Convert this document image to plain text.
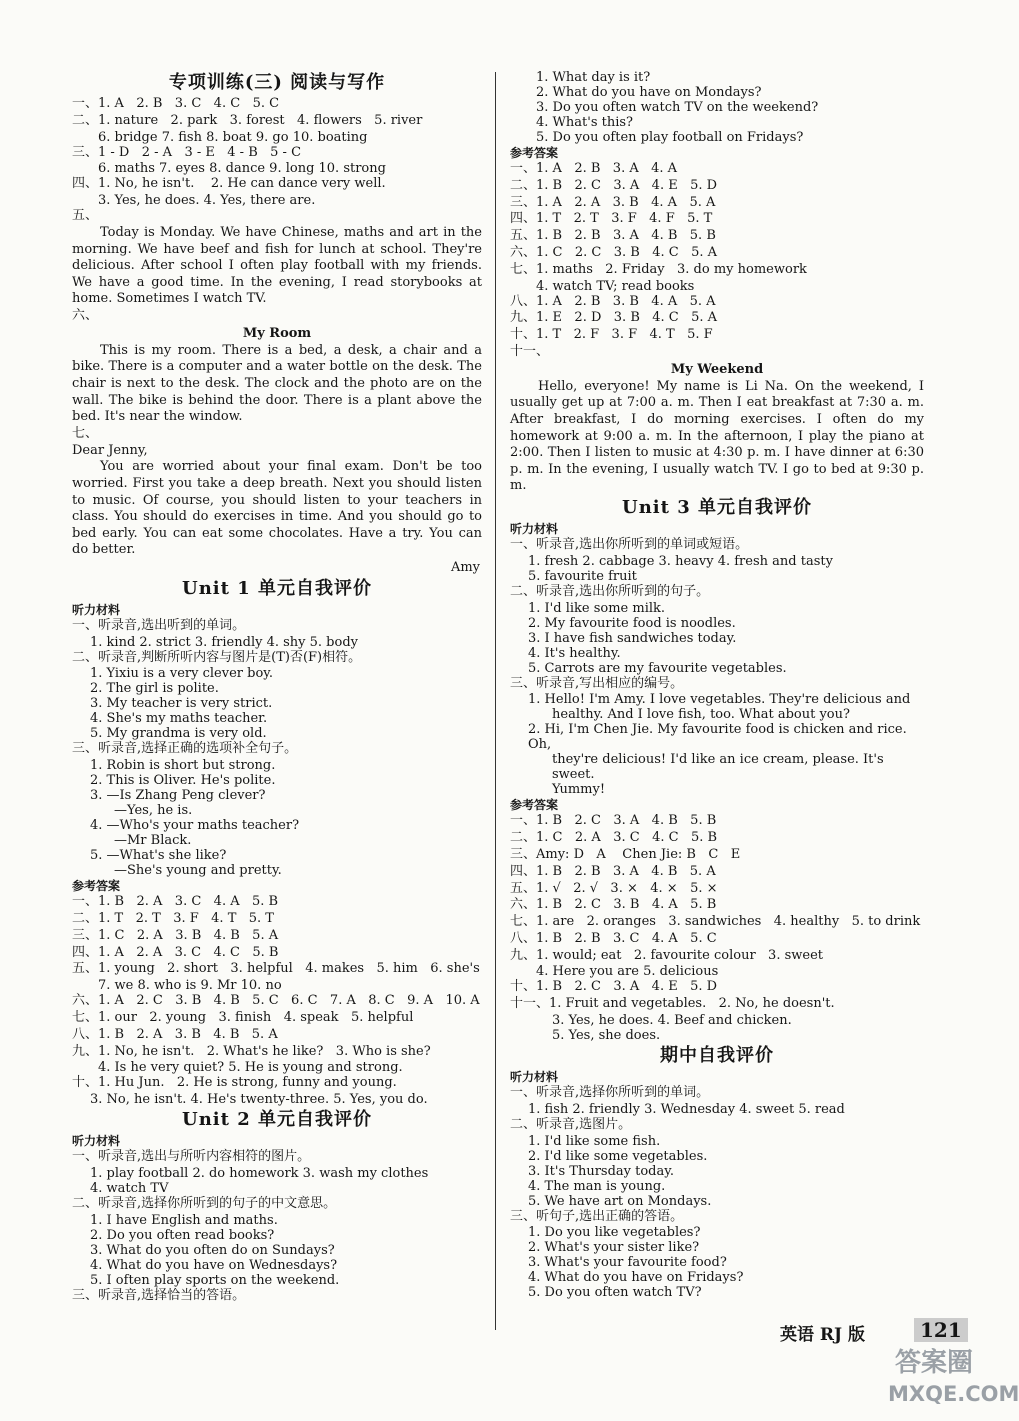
专项训练(三) 阅读与写作
一、1. A   2. B   3. C   4. C   5. C
二、1. nature   2. park   3. forest   4. flowers   5. river
6. bridge 7. fish 8. boat 9. go 10. boating
三、1 - D   2 - A   3 - E   4 - B   5 - C
6. maths 7. eyes 8. dance 9. long 10. strong
四、1. No, he isn't.    2. He can dance very well.
3. Yes, he does. 4. Yes, there are.
五、
Today is Monday. We have Chinese, maths and art in the morning. We have beef and fish for lunch at school. They're delicious. After school I often play football with my friends. We have a good time. In the evening, I read storybooks at home. Sometimes I watch TV.
六、
My Room
This is my room. There is a bed, a desk, a chair and a bike. There is a computer and a water bottle on the desk. The chair is next to the desk. The clock and the photo are on the wall. The bike is behind the door. There is a plant above the bed. It's near the window.
七、
Dear Jenny,
You are worried about your final exam. Don't be too worried. First you take a deep breath. Next you should listen to music. Of course, you should listen to your teachers in class. You should do exercises in time. And you should go to bed early. You can eat some chocolates. Have a try. You can do better.
Amy
Unit 1 单元自我评价
听力材料
一、听录音,选出听到的单词。
1. kind 2. strict 3. friendly 4. shy 5. body
二、听录音,判断所听内容与图片是(T)否(F)相符。
1. Yixiu is a very clever boy.
2. The girl is polite.
3. My teacher is very strict.
4. She's my maths teacher.
5. My grandma is very old.
三、听录音,选择正确的选项补全句子。
1. Robin is short but strong.
2. This is Oliver. He's polite.
3. —Is Zhang Peng clever?
—Yes, he is.
4. —Who's your maths teacher?
—Mr Black.
5. —What's she like?
—She's young and pretty.
参考答案
一、1. B   2. A   3. C   4. A   5. B
二、1. T   2. T   3. F   4. T   5. T
三、1. C   2. A   3. B   4. B   5. A
四、1. A   2. A   3. C   4. C   5. B
五、1. young   2. short   3. helpful   4. makes   5. him   6. she's
7. we 8. who is 9. Mr 10. no
六、1. A   2. C   3. B   4. B   5. C   6. C   7. A   8. C   9. A   10. A
七、1. our   2. young   3. finish   4. speak   5. helpful
八、1. B   2. A   3. B   4. B   5. A
九、1. No, he isn't.   2. What's he like?   3. Who is she?
4. Is he very quiet? 5. He is young and strong.
十、1. Hu Jun.   2. He is strong, funny and young.
3. No, he isn't. 4. He's twenty-three. 5. Yes, you do.
Unit 2 单元自我评价
听力材料
一、听录音,选出与所听内容相符的图片。
1. play football 2. do homework 3. wash my clothes
4. watch TV
二、听录音,选择你所听到的句子的中文意思。
1. I have English and maths.
2. Do you often read books?
3. What do you often do on Sundays?
4. What do you have on Wednesdays?
5. I often play sports on the weekend.
三、听录音,选择恰当的答语。
1. What day is it?
2. What do you have on Mondays?
3. Do you often watch TV on the weekend?
4. What's this?
5. Do you often play football on Fridays?
参考答案
一、1. A   2. B   3. A   4. A
二、1. B   2. C   3. A   4. E   5. D
三、1. A   2. A   3. B   4. A   5. A
四、1. T   2. T   3. F   4. F   5. T
五、1. B   2. B   3. A   4. B   5. B
六、1. C   2. C   3. B   4. C   5. A
七、1. maths   2. Friday   3. do my homework
4. watch TV; read books
八、1. A   2. B   3. B   4. A   5. A
九、1. E   2. D   3. B   4. C   5. A
十、1. T   2. F   3. F   4. T   5. F
十一、
My Weekend
Hello, everyone! My name is Li Na. On the weekend, I usually get up at 7:00 a. m. Then I eat breakfast at 7:30 a. m. After breakfast, I do morning exercises. I often do my homework at 9:00 a. m. In the afternoon, I play the piano at 2:00. Then I listen to music at 4:30 p. m. I have dinner at 6:30 p. m. In the evening, I usually watch TV. I go to bed at 9:30 p. m.
Unit 3 单元自我评价
听力材料
一、听录音,选出你所听到的单词或短语。
1. fresh 2. cabbage 3. heavy 4. fresh and tasty
5. favourite fruit
二、听录音,选出你所听到的句子。
1. I'd like some milk.
2. My favourite food is noodles.
3. I have fish sandwiches today.
4. It's healthy.
5. Carrots are my favourite vegetables.
三、听录音,写出相应的编号。
1. Hello! I'm Amy. I love vegetables. They're delicious and
healthy. And I love fish, too. What about you?
2. Hi, I'm Chen Jie. My favourite food is chicken and rice. Oh,
they're delicious! I'd like an ice cream, please. It's sweet.
Yummy!
参考答案
一、1. B   2. C   3. A   4. B   5. B
二、1. C   2. A   3. C   4. C   5. B
三、Amy: D   A    Chen Jie: B   C   E
四、1. B   2. B   3. A   4. B   5. A
五、1. √   2. √   3. ×   4. ×   5. ×
六、1. B   2. C   3. B   4. A   5. B
七、1. are   2. oranges   3. sandwiches   4. healthy   5. to drink
八、1. B   2. B   3. C   4. A   5. C
九、1. would; eat   2. favourite colour   3. sweet
4. Here you are 5. delicious
十、1. B   2. C   3. A   4. E   5. D
十一、1. Fruit and vegetables.   2. No, he doesn't.
3. Yes, he does. 4. Beef and chicken.
5. Yes, she does.
期中自我评价
听力材料
一、听录音,选择你所听到的单词。
1. fish 2. friendly 3. Wednesday 4. sweet 5. read
二、听录音,选图片。
1. I'd like some fish.
2. I'd like some vegetables.
3. It's Thursday today.
4. The man is young.
5. We have art on Mondays.
三、听句子,选出正确的答语。
1. Do you like vegetables?
2. What's your sister like?
3. What's your favourite food?
4. What do you have on Fridays?
5. Do you often watch TV?
英语 RJ 版	121
答案圈
MXQE.COM
